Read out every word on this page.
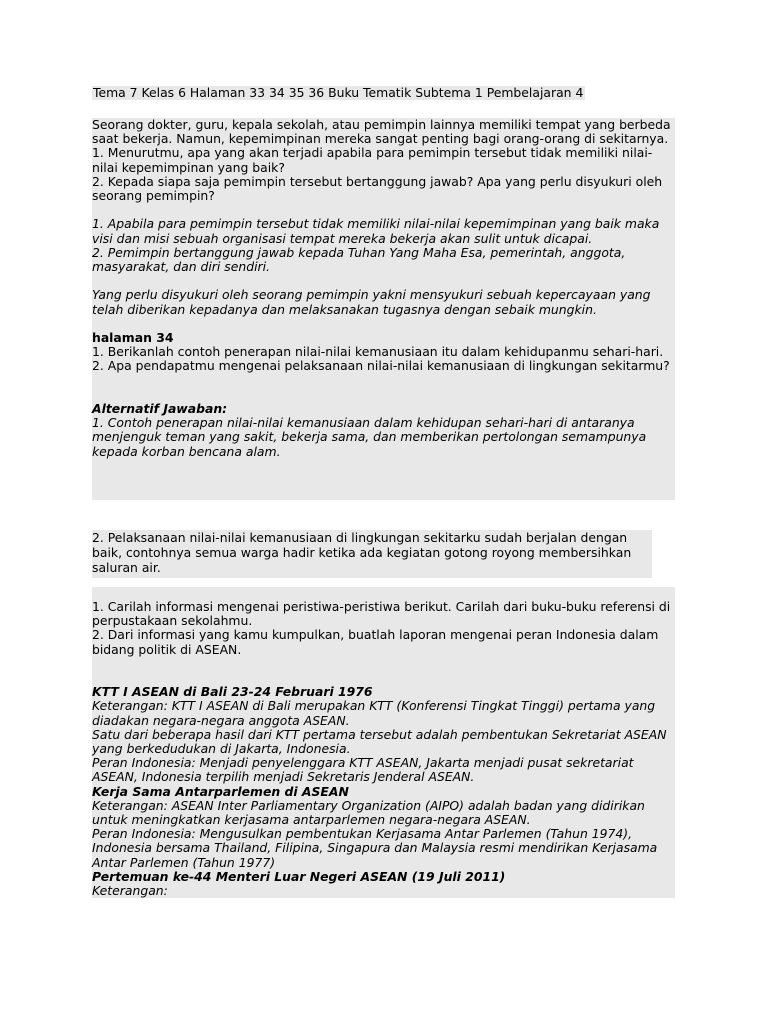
Tema 7 Kelas 6 Halaman 33 34 35 36 Buku Tematik Subtema 1 Pembelajaran 4

Seorang dokter, guru, kepala sekolah, atau pemimpin lainnya memiliki tempat yang berbeda saat bekerja. Namun, kepemimpinan mereka sangat penting bagi orang-orang di sekitarnya.

1. Menurutmu, apa yang akan terjadi apabila para pemimpin tersebut tidak memiliki nilai-nilai kepemimpinan yang baik?

2. Kepada siapa saja pemimpin tersebut bertanggung jawab? Apa yang perlu disyukuri oleh seorang pemimpin?

1. Apabila para pemimpin tersebut tidak memiliki nilai-nilai kepemimpinan yang baik maka visi dan misi sebuah organisasi tempat mereka bekerja akan sulit untuk dicapai.

2. Pemimpin bertanggung jawab kepada Tuhan Yang Maha Esa, pemerintah, anggota, masyarakat, dan diri sendiri.

Yang perlu disyukuri oleh seorang pemimpin yakni mensyukuri sebuah kepercayaan yang telah diberikan kepadanya dan melaksanakan tugasnya dengan sebaik mungkin.

halaman 34

1. Berikanlah contoh penerapan nilai-nilai kemanusiaan itu dalam kehidupanmu sehari-hari.

2. Apa pendapatmu mengenai pelaksanaan nilai-nilai kemanusiaan di lingkungan sekitarmu?

Alternatif Jawaban:

1. Contoh penerapan nilai-nilai kemanusiaan dalam kehidupan sehari-hari di antaranya menjenguk teman yang sakit, bekerja sama, dan memberikan pertolongan semampunya kepada korban bencana alam.

2. Pelaksanaan nilai-nilai kemanusiaan di lingkungan sekitarku sudah berjalan dengan baik, contohnya semua warga hadir ketika ada kegiatan gotong royong membersihkan saluran air.

1. Carilah informasi mengenai peristiwa-peristiwa berikut. Carilah dari buku-buku referensi di perpustakaan sekolahmu.

2. Dari informasi yang kamu kumpulkan, buatlah laporan mengenai peran Indonesia dalam bidang politik di ASEAN.

KTT I ASEAN di Bali 23-24 Februari 1976

Keterangan: KTT I ASEAN di Bali merupakan KTT (Konferensi Tingkat Tinggi) pertama yang diadakan negara-negara anggota ASEAN.

Satu dari beberapa hasil dari KTT pertama tersebut adalah pembentukan Sekretariat ASEAN yang berkedudukan di Jakarta, Indonesia.

Peran Indonesia: Menjadi penyelenggara KTT ASEAN, Jakarta menjadi pusat sekretariat ASEAN, Indonesia terpilih menjadi Sekretaris Jenderal ASEAN.

Kerja Sama Antarparlemen di ASEAN

Keterangan: ASEAN Inter Parliamentary Organization (AIPO) adalah badan yang didirikan untuk meningkatkan kerjasama antarparlemen negara-negara ASEAN.

Peran Indonesia: Mengusulkan pembentukan Kerjasama Antar Parlemen (Tahun 1974), Indonesia bersama Thailand, Filipina, Singapura dan Malaysia resmi mendirikan Kerjasama Antar Parlemen (Tahun 1977)

Pertemuan ke-44 Menteri Luar Negeri ASEAN (19 Juli 2011)

Keterangan:
